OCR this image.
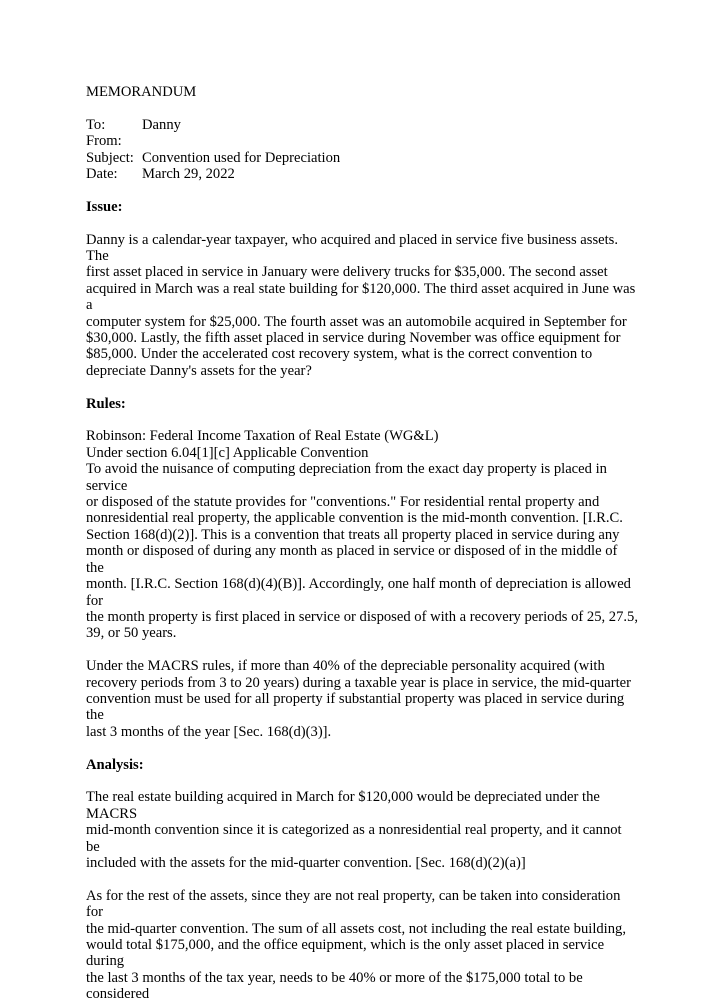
MEMORANDUM
To:	Danny
From:
Subject: Convention used for Depreciation
Date:	March 29, 2022
Issue:
Danny is a calendar-year taxpayer, who acquired and placed in service five business assets. The
first asset placed in service in January were delivery trucks for $35,000. The second asset
acquired in March was a real state building for $120,000. The third asset acquired in June was a
computer system for $25,000. The fourth asset was an automobile acquired in September for
$30,000. Lastly, the fifth asset placed in service during November was office equipment for
$85,000. Under the accelerated cost recovery system, what is the correct convention to
depreciate Danny's assets for the year?
Rules:
Robinson: Federal Income Taxation of Real Estate (WG&L)
Under section 6.04[1][c] Applicable Convention
To avoid the nuisance of computing depreciation from the exact day property is placed in service
or disposed of the statute provides for "conventions." For residential rental property and
nonresidential real property, the applicable convention is the mid-month convention. [I.R.C.
Section 168(d)(2)]. This is a convention that treats all property placed in service during any
month or disposed of during any month as placed in service or disposed of in the middle of the
month. [I.R.C. Section 168(d)(4)(B)]. Accordingly, one half month of depreciation is allowed for
the month property is first placed in service or disposed of with a recovery periods of 25, 27.5,
39, or 50 years.
Under the MACRS rules, if more than 40% of the depreciable personality acquired (with
recovery periods from 3 to 20 years) during a taxable year is place in service, the mid-quarter
convention must be used for all property if substantial property was placed in service during the
last 3 months of the year [Sec. 168(d)(3)].
Analysis:
The real estate building acquired in March for $120,000 would be depreciated under the MACRS
mid-month convention since it is categorized as a nonresidential real property, and it cannot be
included with the assets for the mid-quarter convention. [Sec. 168(d)(2)(a)]
As for the rest of the assets, since they are not real property, can be taken into consideration for
the mid-quarter convention. The sum of all assets cost, not including the real estate building,
would total $175,000, and the office equipment, which is the only asset placed in service during
the last 3 months of the tax year, needs to be 40% or more of the $175,000 total to be considered
